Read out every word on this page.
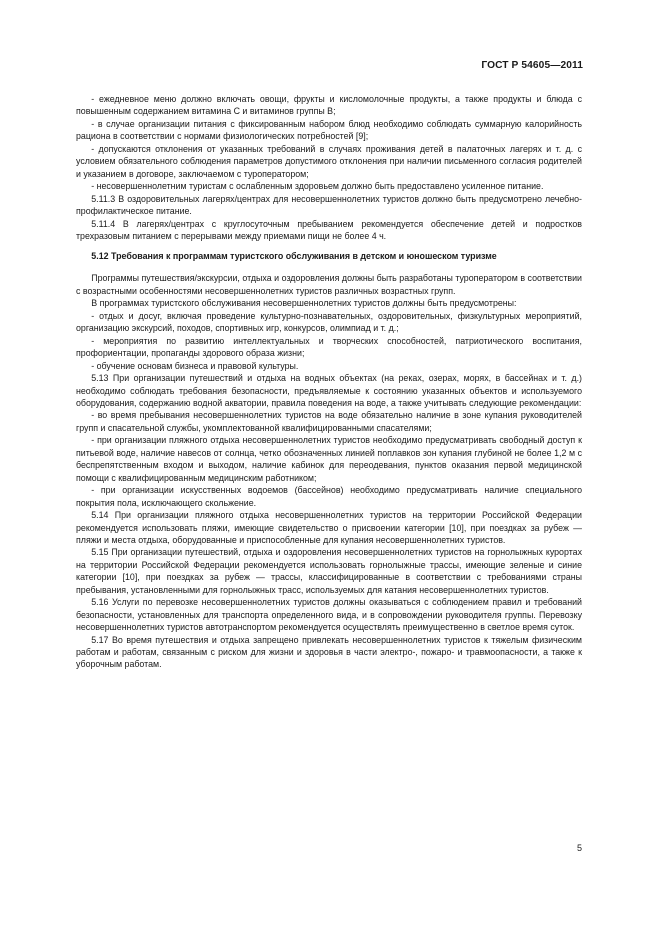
ГОСТ Р 54605—2011

- ежедневное меню должно включать овощи, фрукты и кисломолочные продукты, а также продукты и блюда с повышенным содержанием витамина С и витаминов группы В;

- в случае организации питания с фиксированным набором блюд необходимо соблюдать суммарную калорийность рациона в соответствии с нормами физиологических потребностей [9];

- допускаются отклонения от указанных требований в случаях проживания детей в палаточных лагерях и т. д. с условием обязательного соблюдения параметров допустимого отклонения при наличии письменного согласия родителей и указанием в договоре, заключаемом с туроператором;

- несовершеннолетним туристам с ослабленным здоровьем должно быть предоставлено усиленное питание.

5.11.3 В оздоровительных лагерях/центрах для несовершеннолетних туристов должно быть предусмотрено лечебно-профилактическое питание.

5.11.4 В лагерях/центрах с круглосуточным пребыванием рекомендуется обеспечение детей и подростков трехразовым питанием с перерывами между приемами пищи не более 4 ч.

5.12 Требования к программам туристского обслуживания в детском и юношеском туризме

Программы путешествия/экскурсии, отдыха и оздоровления должны быть разработаны туроператором в соответствии с возрастными особенностями несовершеннолетних туристов различных возрастных групп.

В программах туристского обслуживания несовершеннолетних туристов должны быть предусмотрены:

- отдых и досуг, включая проведение культурно-познавательных, оздоровительных, физкультурных мероприятий, организацию экскурсий, походов, спортивных игр, конкурсов, олимпиад и т. д.;

- мероприятия по развитию интеллектуальных и творческих способностей, патриотического воспитания, профориентации, пропаганды здорового образа жизни;

- обучение основам бизнеса и правовой культуры.

5.13 При организации путешествий и отдыха на водных объектах (на реках, озерах, морях, в бассейнах и т. д.) необходимо соблюдать требования безопасности, предъявляемые к состоянию указанных объектов и используемого оборудования, содержанию водной акватории, правила поведения на воде, а также учитывать следующие рекомендации:

- во время пребывания несовершеннолетних туристов на воде обязательно наличие в зоне купания руководителей групп и спасательной службы, укомплектованной квалифицированными спасателями;

- при организации пляжного отдыха несовершеннолетних туристов необходимо предусматривать свободный доступ к питьевой воде, наличие навесов от солнца, четко обозначенных линией поплавков зон купания глубиной не более 1,2 м с беспрепятственным входом и выходом, наличие кабинок для переодевания, пунктов оказания первой медицинской помощи с квалифицированным медицинским работником;

- при организации искусственных водоемов (бассейнов) необходимо предусматривать наличие специального покрытия пола, исключающего скольжение.

5.14 При организации пляжного отдыха несовершеннолетних туристов на территории Российской Федерации рекомендуется использовать пляжи, имеющие свидетельство о присвоении категории [10], при поездках за рубеж — пляжи и места отдыха, оборудованные и приспособленные для купания несовершеннолетних туристов.

5.15 При организации путешествий, отдыха и оздоровления несовершеннолетних туристов на горнолыжных курортах на территории Российской Федерации рекомендуется использовать горнолыжные трассы, имеющие зеленые и синие категории [10], при поездках за рубеж — трассы, классифицированные в соответствии с требованиями страны пребывания, установленными для горнолыжных трасс, используемых для катания несовершеннолетних туристов.

5.16 Услуги по перевозке несовершеннолетних туристов должны оказываться с соблюдением правил и требований безопасности, установленных для транспорта определенного вида, и в сопровождении руководителя группы. Перевозку несовершеннолетних туристов автотранспортом рекомендуется осуществлять преимущественно в светлое время суток.

5.17 Во время путешествия и отдыха запрещено привлекать несовершеннолетних туристов к тяжелым физическим работам и работам, связанным с риском для жизни и здоровья в части электро-, пожаро- и травмоопасности, а также к уборочным работам.

5
